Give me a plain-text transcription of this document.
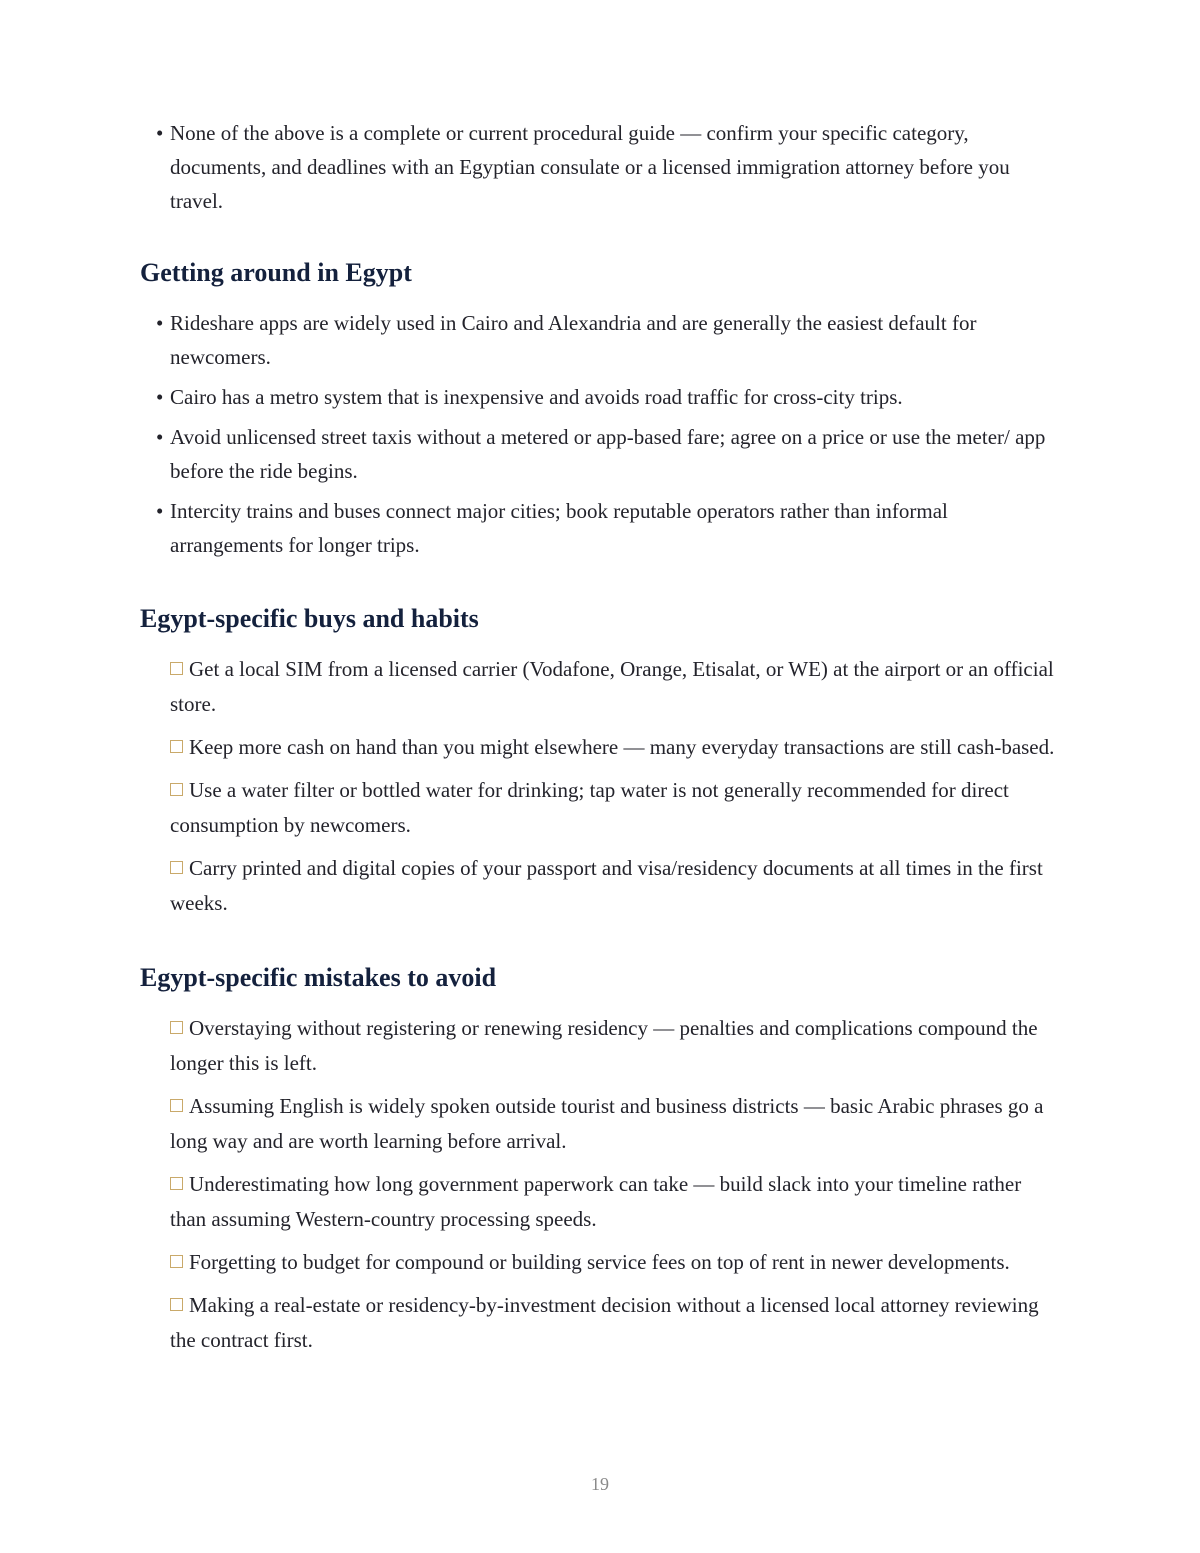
• None of the above is a complete or current procedural guide — confirm your specific category, documents, and deadlines with an Egyptian consulate or a licensed immigration attorney before you travel.
Getting around in Egypt
• Rideshare apps are widely used in Cairo and Alexandria and are generally the easiest default for newcomers.
• Cairo has a metro system that is inexpensive and avoids road traffic for cross-city trips.
• Avoid unlicensed street taxis without a metered or app-based fare; agree on a price or use the meter/ app before the ride begins.
• Intercity trains and buses connect major cities; book reputable operators rather than informal arrangements for longer trips.
Egypt-specific buys and habits
Get a local SIM from a licensed carrier (Vodafone, Orange, Etisalat, or WE) at the airport or an official store.
Keep more cash on hand than you might elsewhere — many everyday transactions are still cash-based.
Use a water filter or bottled water for drinking; tap water is not generally recommended for direct consumption by newcomers.
Carry printed and digital copies of your passport and visa/residency documents at all times in the first weeks.
Egypt-specific mistakes to avoid
Overstaying without registering or renewing residency — penalties and complications compound the longer this is left.
Assuming English is widely spoken outside tourist and business districts — basic Arabic phrases go a long way and are worth learning before arrival.
Underestimating how long government paperwork can take — build slack into your timeline rather than assuming Western-country processing speeds.
Forgetting to budget for compound or building service fees on top of rent in newer developments.
Making a real-estate or residency-by-investment decision without a licensed local attorney reviewing the contract first.
19
